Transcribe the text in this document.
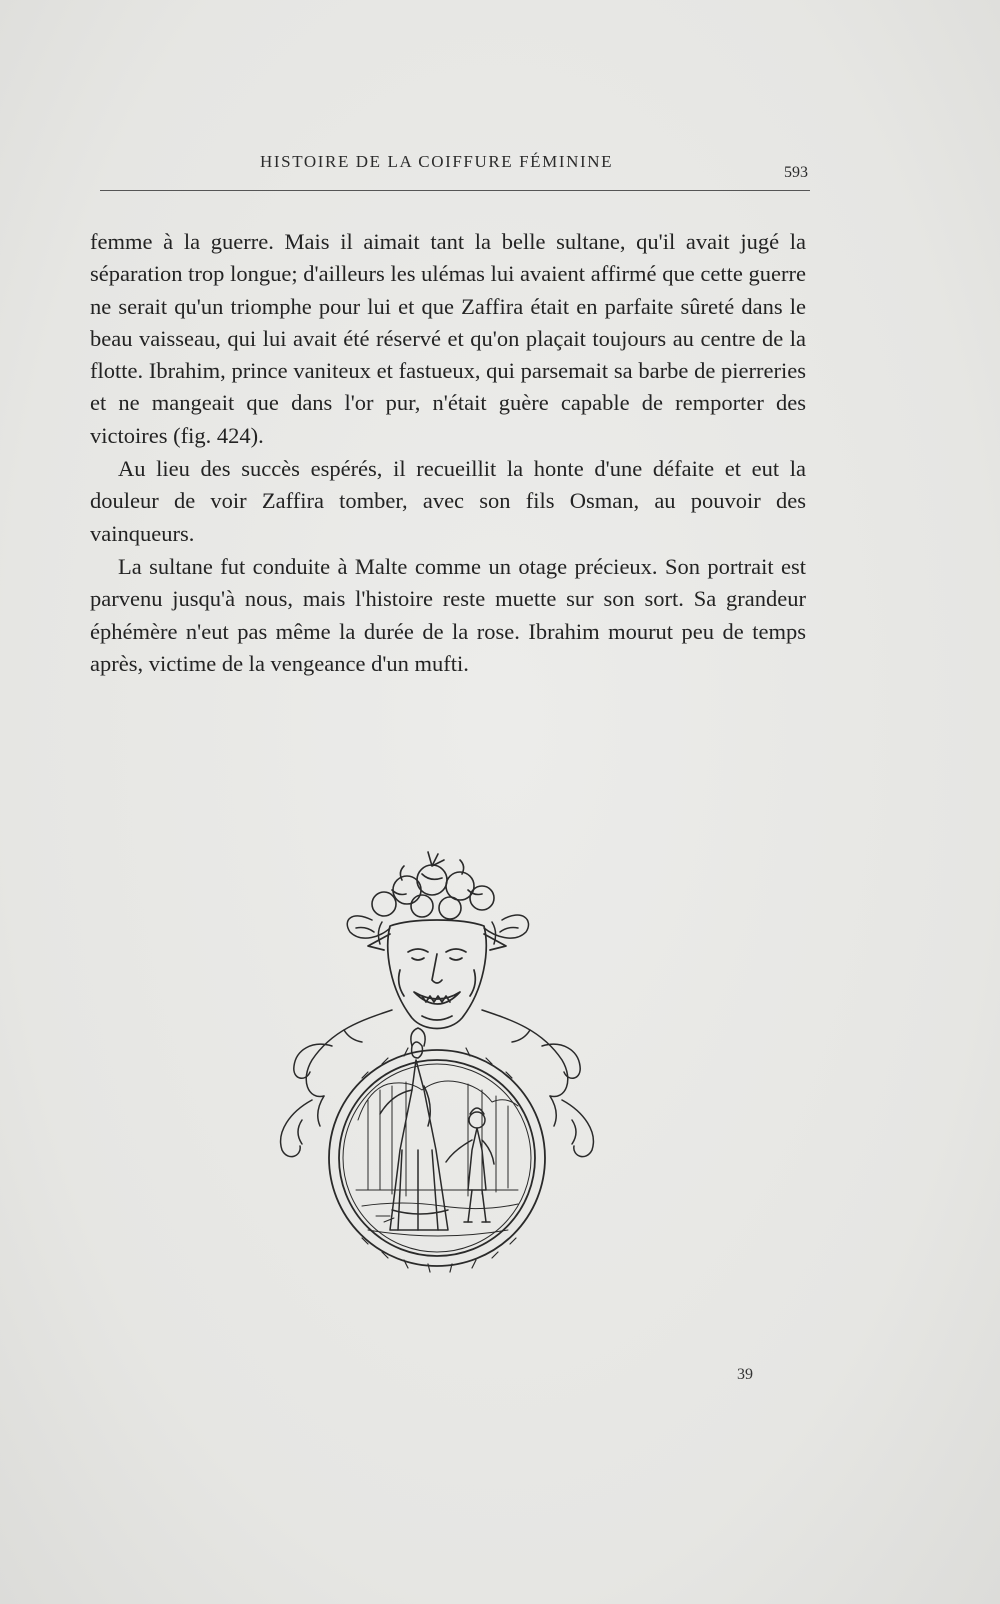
HISTOIRE DE LA COIFFURE FÉMININE
593

femme à la guerre. Mais il aimait tant la belle sultane, qu'il avait jugé la séparation trop longue; d'ailleurs les ulémas lui avaient affirmé que cette guerre ne serait qu'un triomphe pour lui et que Zaffira était en parfaite sûreté dans le beau vaisseau, qui lui avait été réservé et qu'on plaçait toujours au centre de la flotte. Ibrahim, prince vaniteux et fastueux, qui parsemait sa barbe de pierreries et ne mangeait que dans l'or pur, n'était guère capable de remporter des victoires (fig. 424).

Au lieu des succès espérés, il recueillit la honte d'une défaite et eut la douleur de voir Zaffira tomber, avec son fils Osman, au pouvoir des vainqueurs.

La sultane fut conduite à Malte comme un otage précieux. Son portrait est parvenu jusqu'à nous, mais l'histoire reste muette sur son sort. Sa grandeur éphémère n'eut pas même la durée de la rose. Ibrahim mourut peu de temps après, victime de la vengeance d'un mufti.

39
